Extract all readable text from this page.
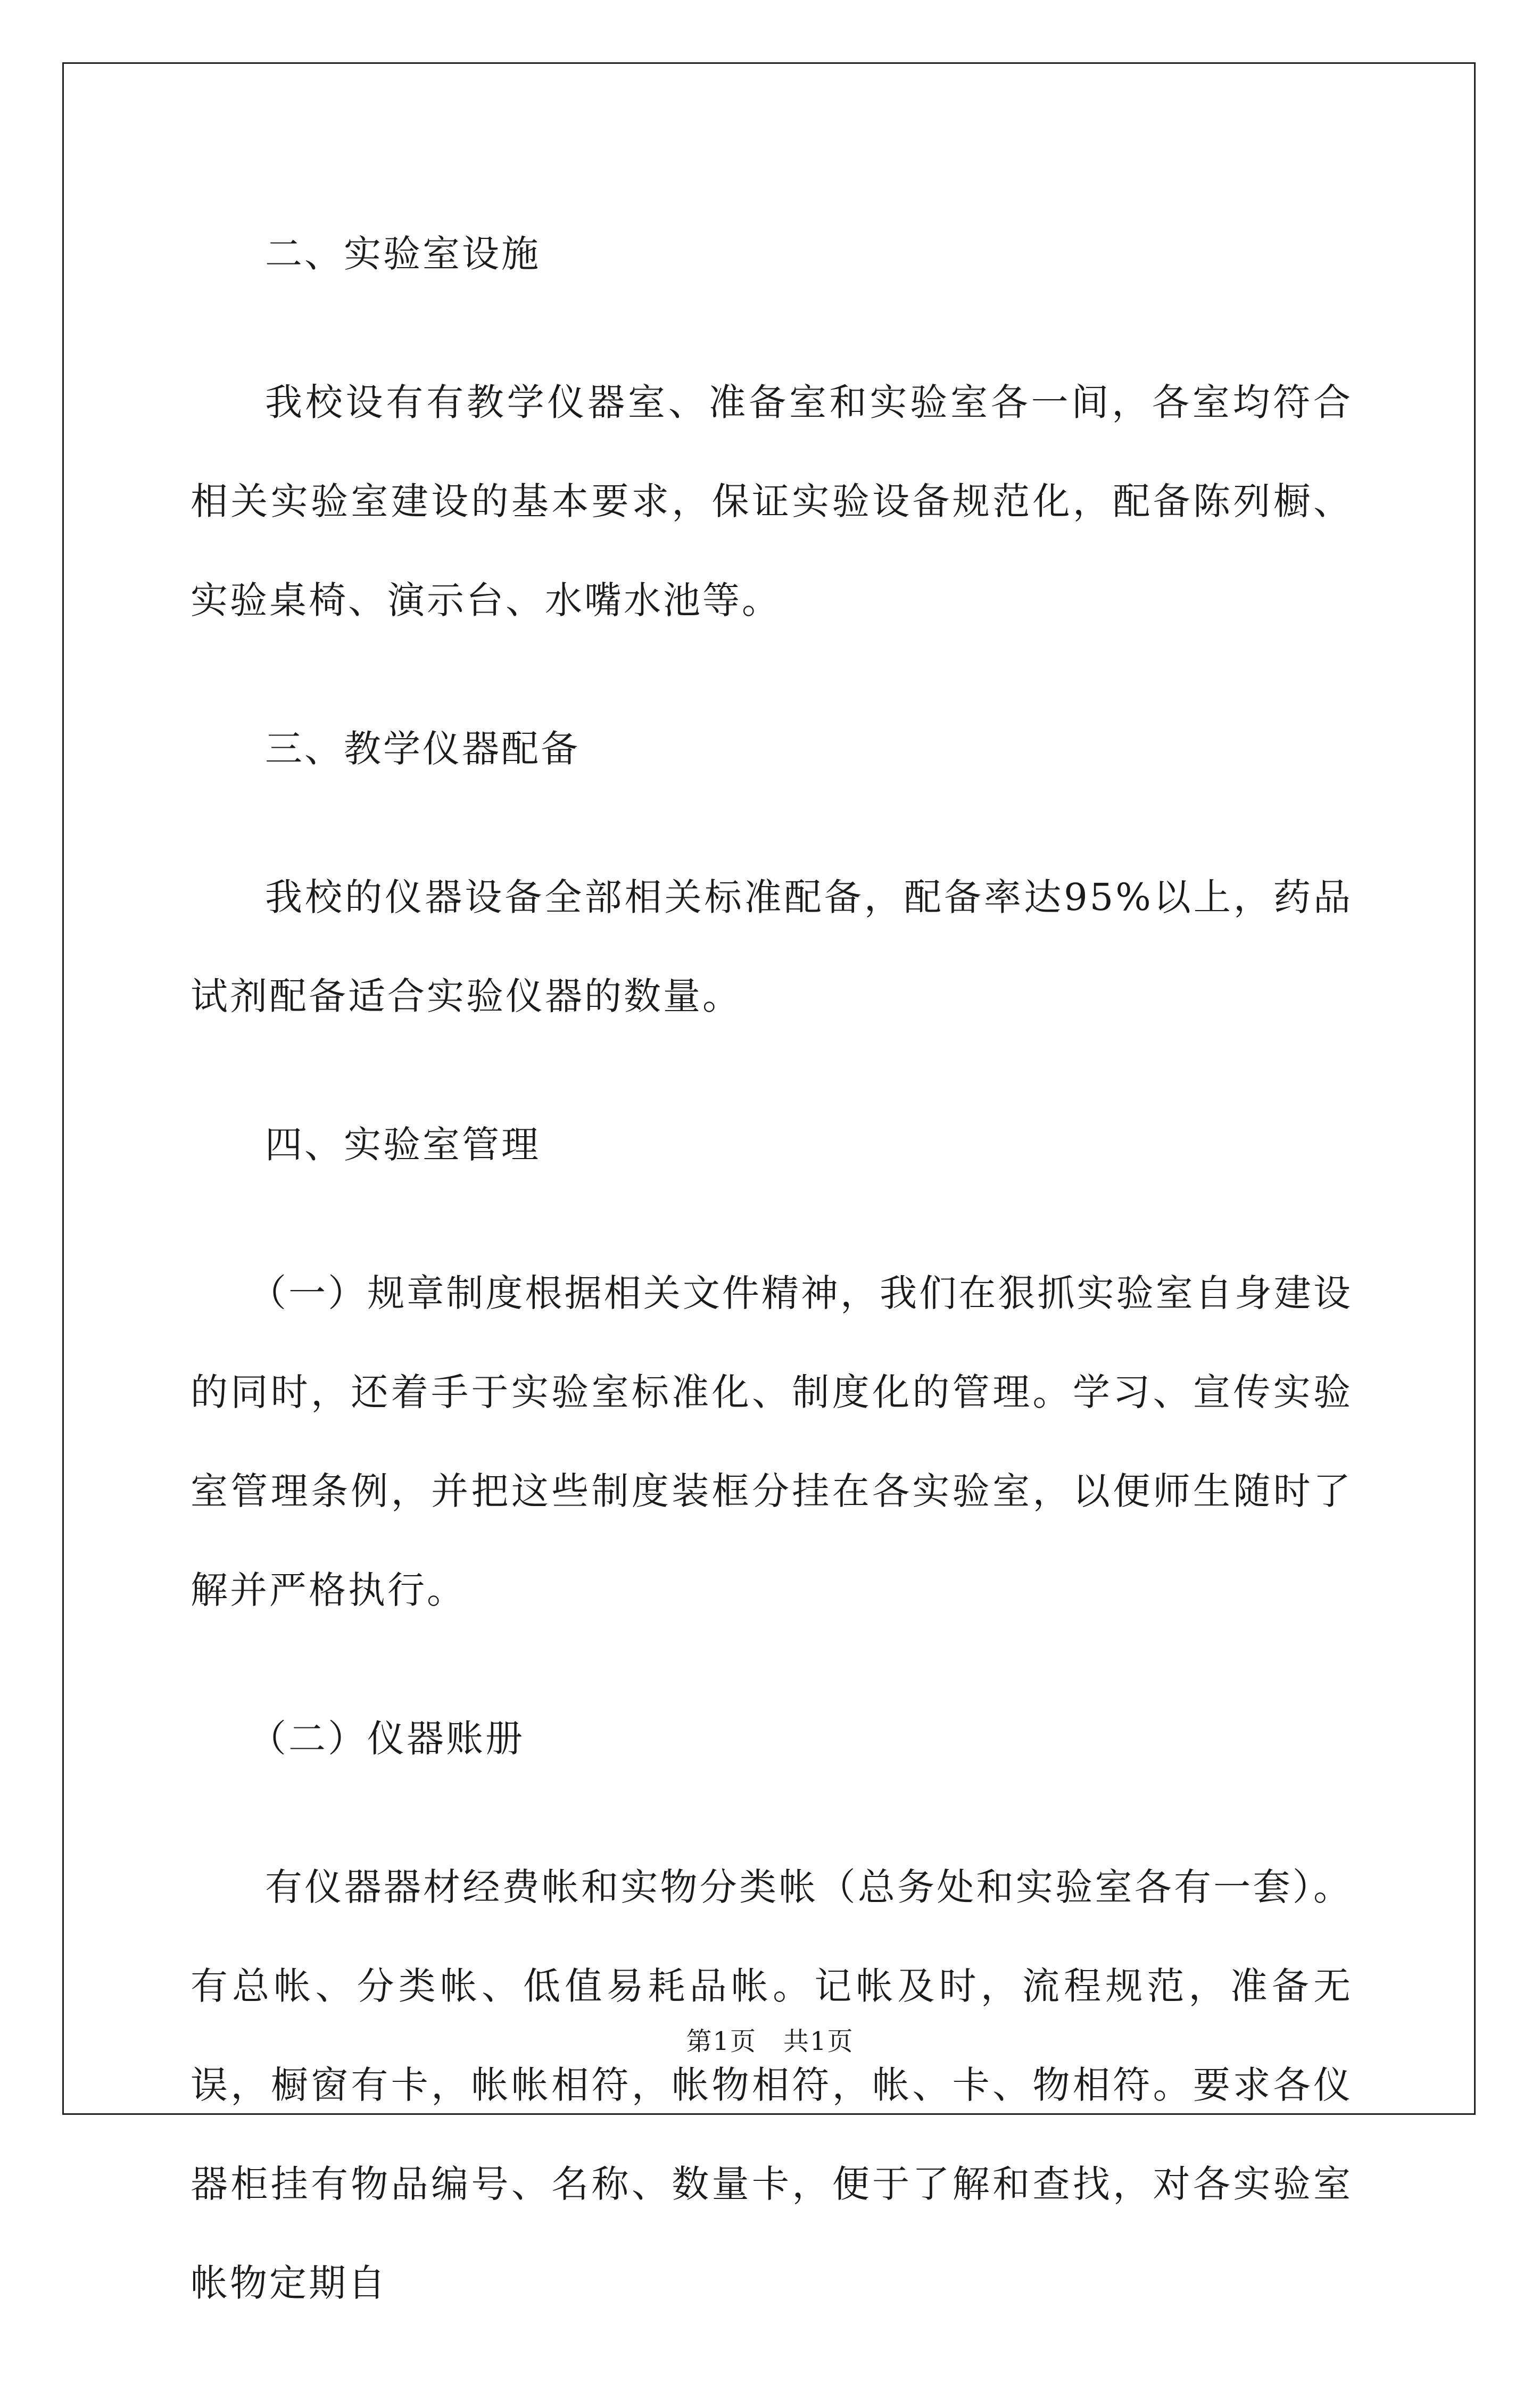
二、实验室设施

我校设有有教学仪器室、准备室和实验室各一间，各室均符合相关实验室建设的基本要求，保证实验设备规范化，配备陈列橱、实验桌椅、演示台、水嘴水池等。

三、教学仪器配备

我校的仪器设备全部相关标准配备，配备率达95%以上，药品试剂配备适合实验仪器的数量。

四、实验室管理

（一）规章制度根据相关文件精神，我们在狠抓实验室自身建设的同时，还着手于实验室标准化、制度化的管理。学习、宣传实验室管理条例，并把这些制度装框分挂在各实验室，以便师生随时了解并严格执行。

（二）仪器账册

有仪器器材经费帐和实物分类帐（总务处和实验室各有一套）。有总帐、分类帐、低值易耗品帐。记帐及时，流程规范，准备无误，橱窗有卡，帐帐相符，帐物相符，帐、卡、物相符。要求各仪器柜挂有物品编号、名称、数量卡，便于了解和查找，对各实验室帐物定期自

第1页　共1页
